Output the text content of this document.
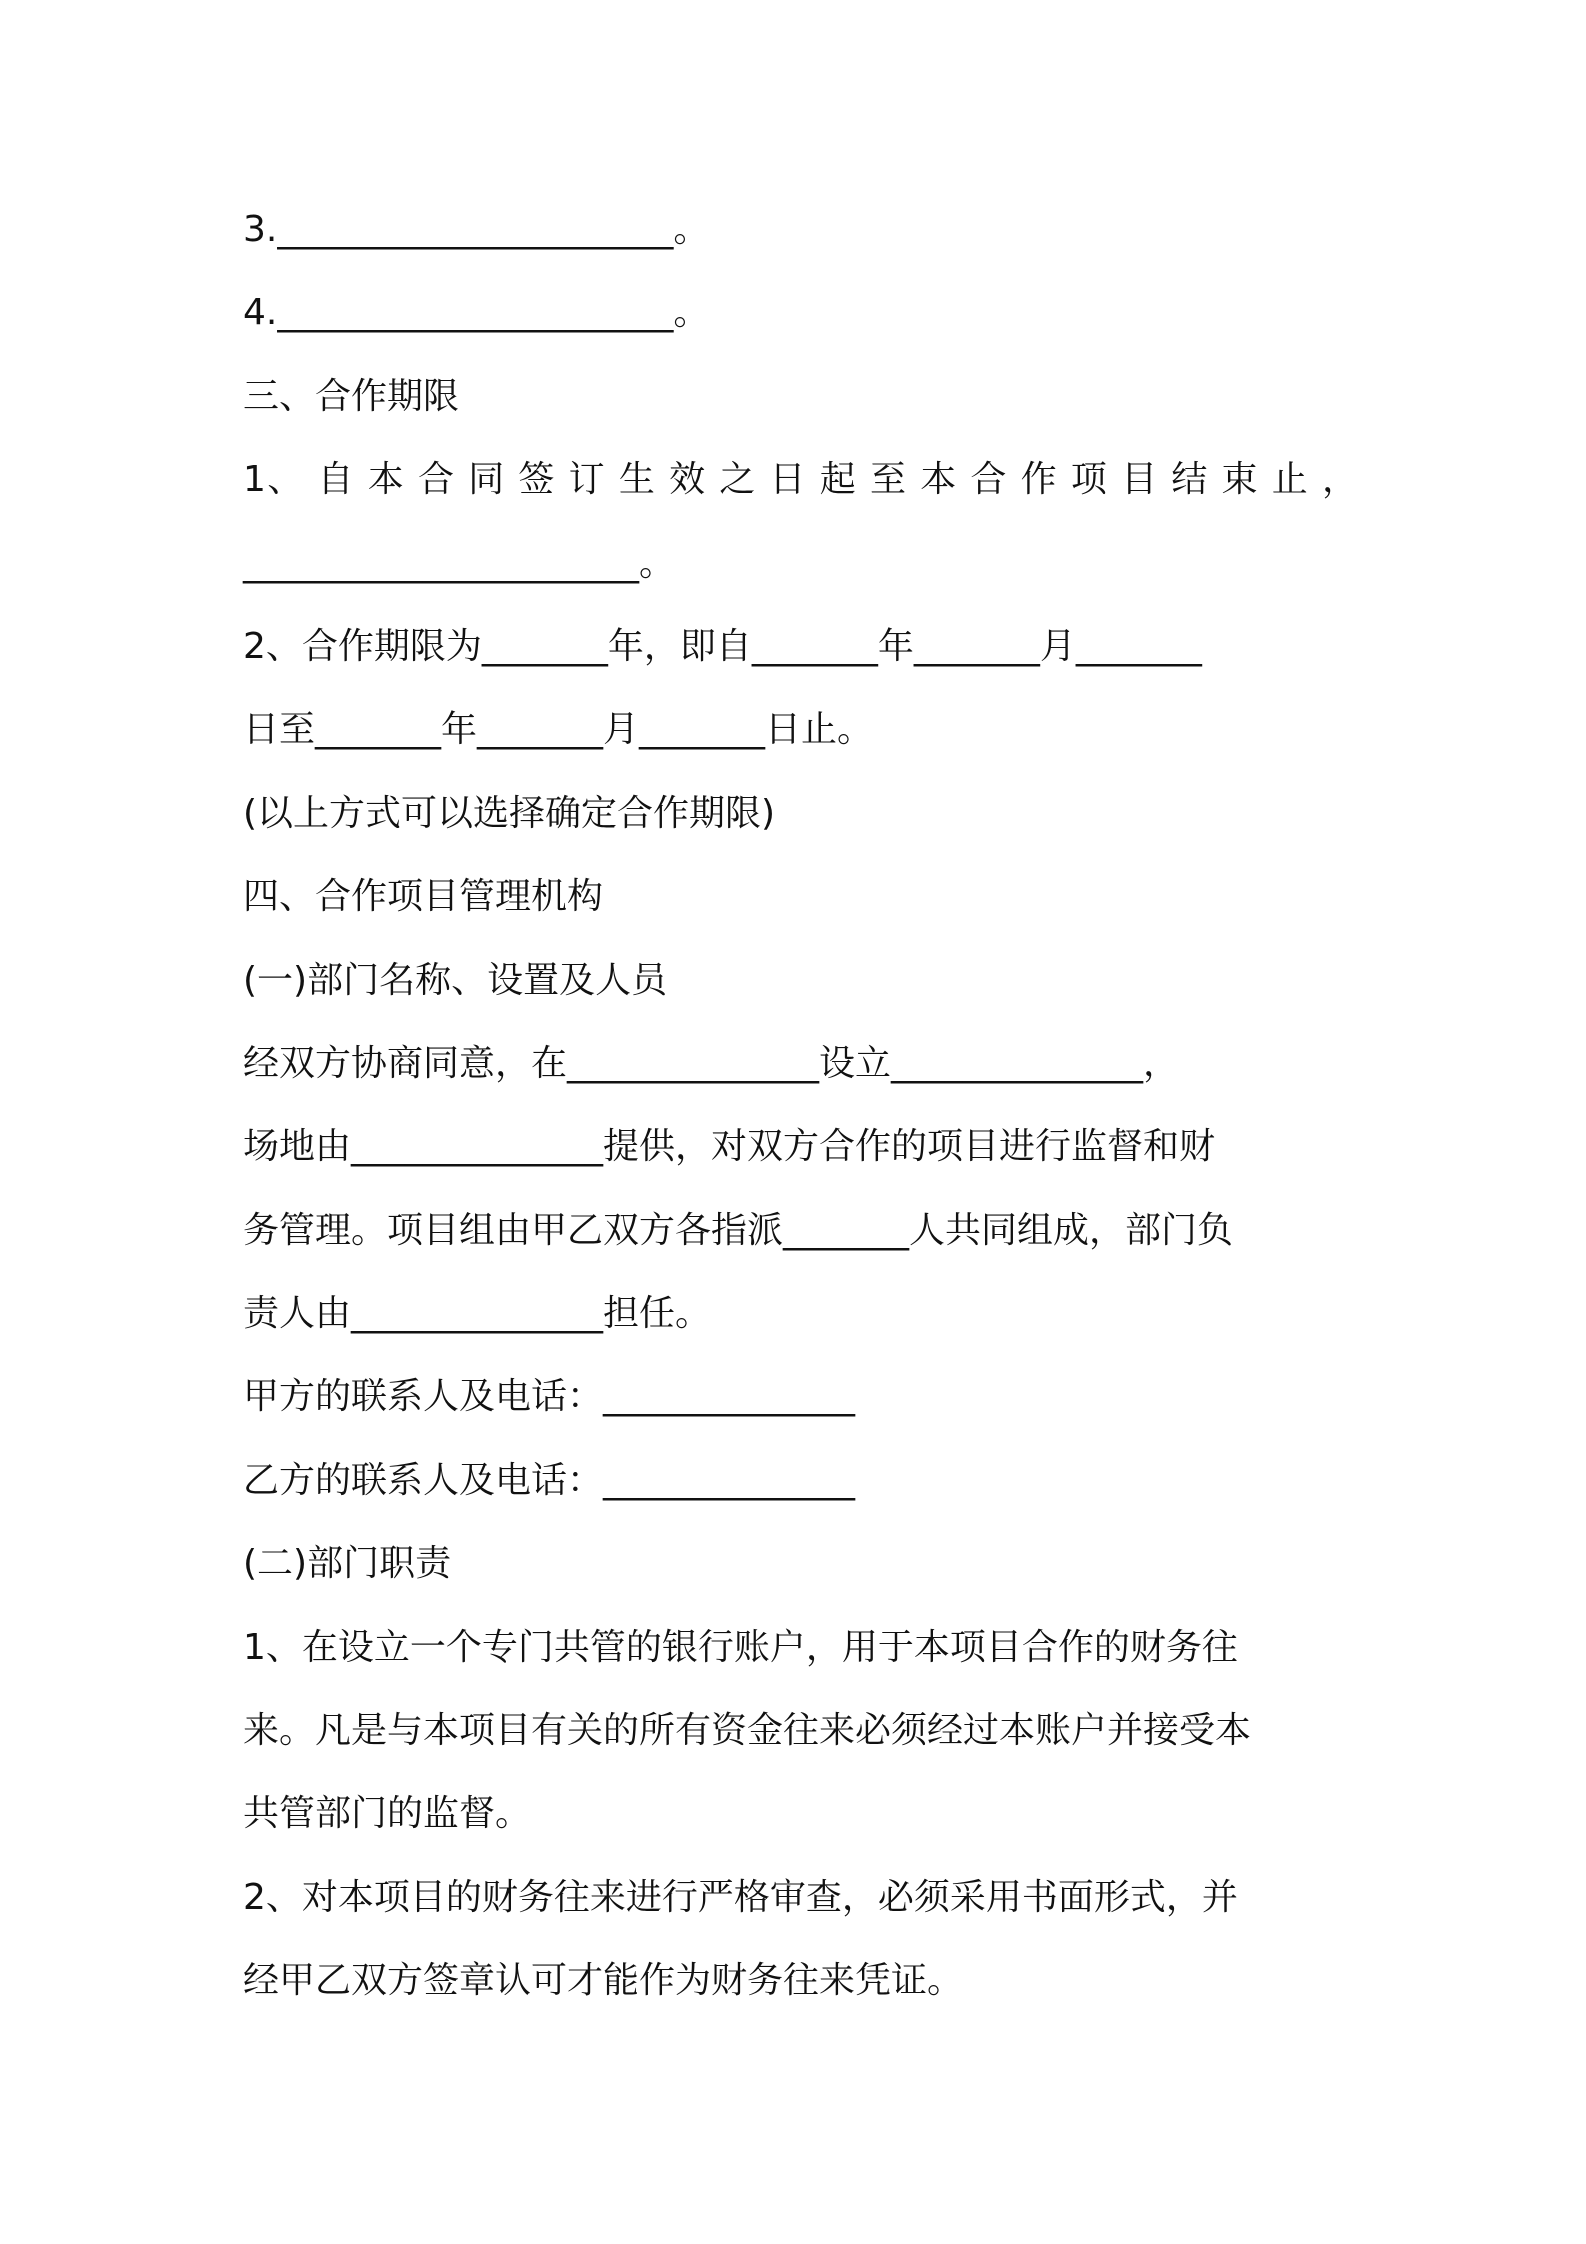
3.______________________。
4.______________________。
三、合作期限
1、 自 本 合 同 签 订 生 效 之 日 起 至 本 合 作 项 目 结 束 止 ，
______________________。
2、合作期限为_______年，即自_______年_______月_______
日至_______年_______月_______日止。
(以上方式可以选择确定合作期限)
四、合作项目管理机构
(一)部门名称、设置及人员
经双方协商同意，在______________设立______________，
场地由______________提供，对双方合作的项目进行监督和财
务管理。项目组由甲乙双方各指派_______人共同组成，部门负
责人由______________担任。
甲方的联系人及电话：______________
乙方的联系人及电话：______________
(二)部门职责
1、在设立一个专门共管的银行账户，用于本项目合作的财务往
来。凡是与本项目有关的所有资金往来必须经过本账户并接受本
共管部门的监督。
2、对本项目的财务往来进行严格审查，必须采用书面形式，并
经甲乙双方签章认可才能作为财务往来凭证。
